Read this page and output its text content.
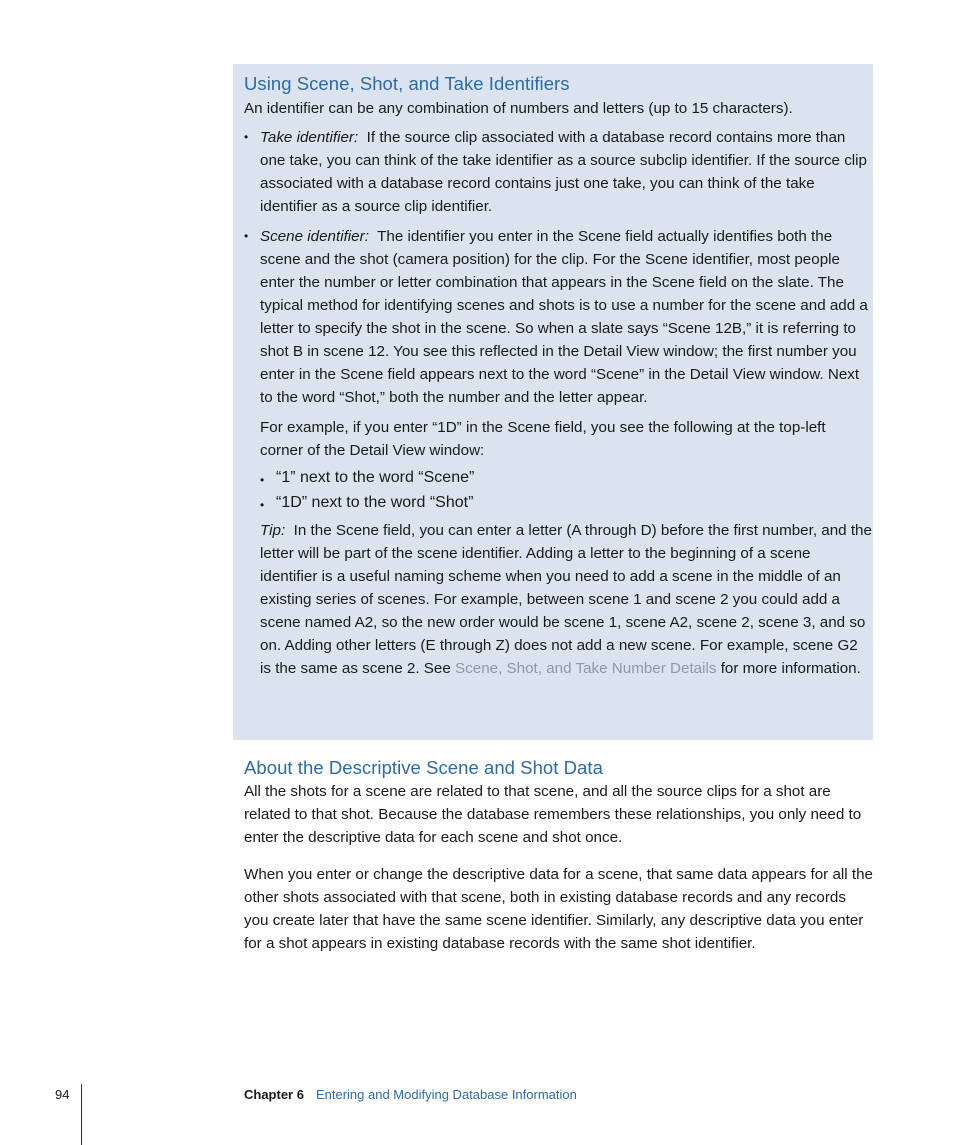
Using Scene, Shot, and Take Identifiers

An identifier can be any combination of numbers and letters (up to 15 characters).

• Take identifier: If the source clip associated with a database record contains more than one take, you can think of the take identifier as a source subclip identifier. If the source clip associated with a database record contains just one take, you can think of the take identifier as a source clip identifier.

• Scene identifier: The identifier you enter in the Scene field actually identifies both the scene and the shot (camera position) for the clip. For the Scene identifier, most people enter the number or letter combination that appears in the Scene field on the slate. The typical method for identifying scenes and shots is to use a number for the scene and add a letter to specify the shot in the scene. So when a slate says “Scene 12B,” it is referring to shot B in scene 12. You see this reflected in the Detail View window; the first number you enter in the Scene field appears next to the word “Scene” in the Detail View window. Next to the word “Shot,” both the number and the letter appear.

For example, if you enter “1D” in the Scene field, you see the following at the top-left corner of the Detail View window:

• “1” next to the word “Scene”
• “1D” next to the word “Shot”

Tip: In the Scene field, you can enter a letter (A through D) before the first number, and the letter will be part of the scene identifier. Adding a letter to the beginning of a scene identifier is a useful naming scheme when you need to add a scene in the middle of an existing series of scenes. For example, between scene 1 and scene 2 you could add a scene named A2, so the new order would be scene 1, scene A2, scene 2, scene 3, and so on. Adding other letters (E through Z) does not add a new scene. For example, scene G2 is the same as scene 2. See Scene, Shot, and Take Number Details for more information.

About the Descriptive Scene and Shot Data

All the shots for a scene are related to that scene, and all the source clips for a shot are related to that shot. Because the database remembers these relationships, you only need to enter the descriptive data for each scene and shot once.

When you enter or change the descriptive data for a scene, that same data appears for all the other shots associated with that scene, both in existing database records and any records you create later that have the same scene identifier. Similarly, any descriptive data you enter for a shot appears in existing database records with the same shot identifier.

94	Chapter 6 Entering and Modifying Database Information
